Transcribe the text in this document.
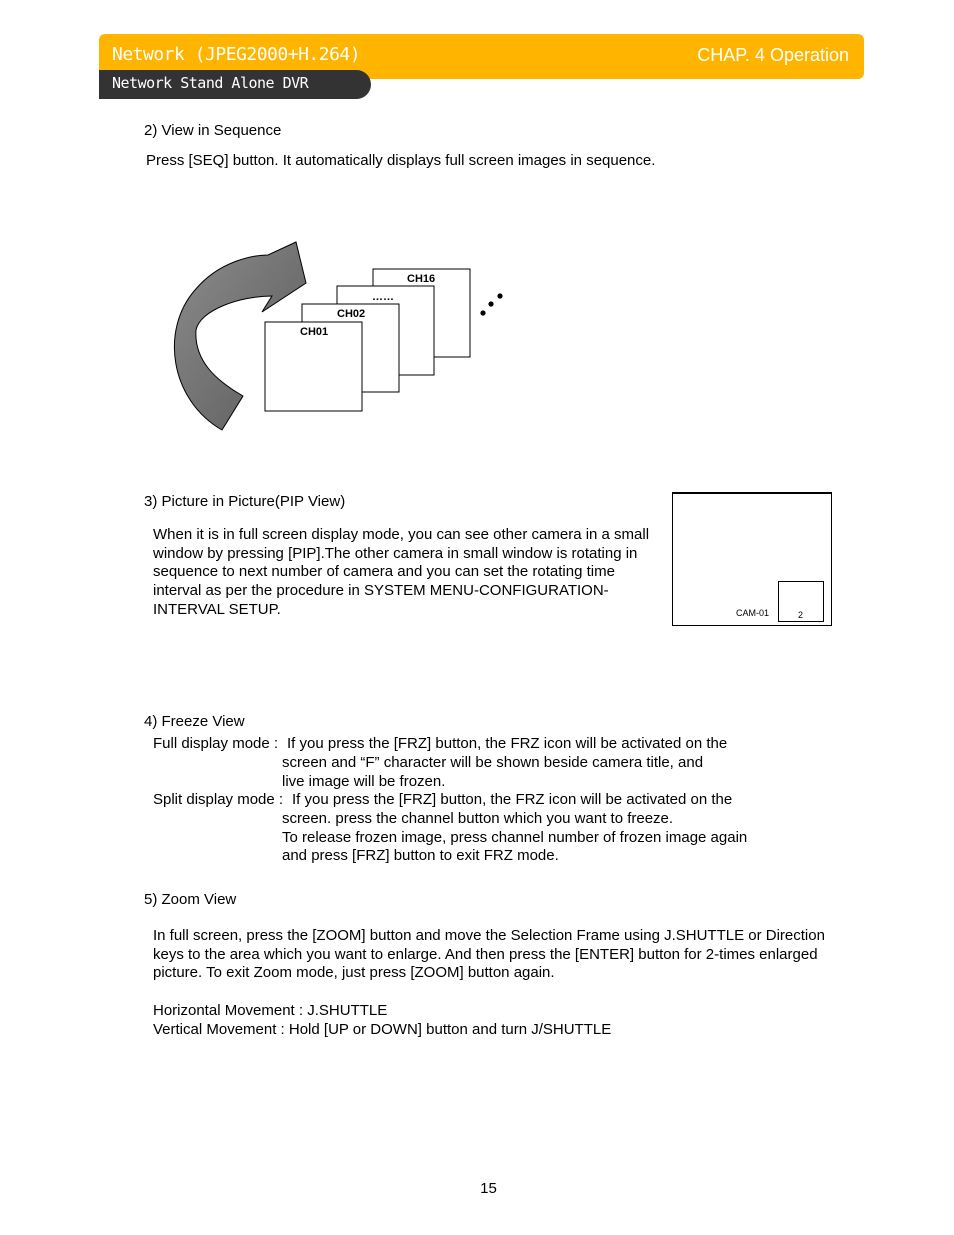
Network (JPEG2000+H.264)	CHAP. 4 Operation
Network Stand Alone DVR
2) View in Sequence
Press [SEQ] button. It automatically displays full screen images in sequence.
CH16
……
CH02
CH01
3) Picture in Picture(PIP View)
When it is in full screen display mode, you can see other camera in a small
window by pressing [PIP].The other camera in small window is rotating in
sequence to next number of camera and you can set the rotating time
interval as per the procedure in SYSTEM MENU-CONFIGURATION-
INTERVAL SETUP.	CAM-01	2
4) Freeze View
Full display mode : If you press the [FRZ] button, the FRZ icon will be activated on the
screen and “F” character will be shown beside camera title, and
live image will be frozen.
Split display mode : If you press the [FRZ] button, the FRZ icon will be activated on the
screen. press the channel button which you want to freeze.
To release frozen image, press channel number of frozen image again
and press [FRZ] button to exit FRZ mode.
5) Zoom View
In full screen, press the [ZOOM] button and move the Selection Frame using J.SHUTTLE or Direction
keys to the area which you want to enlarge. And then press the [ENTER] button for 2-times enlarged
picture. To exit Zoom mode, just press [ZOOM] button again.
Horizontal Movement : J.SHUTTLE
Vertical Movement : Hold [UP or DOWN] button and turn J/SHUTTLE
15
